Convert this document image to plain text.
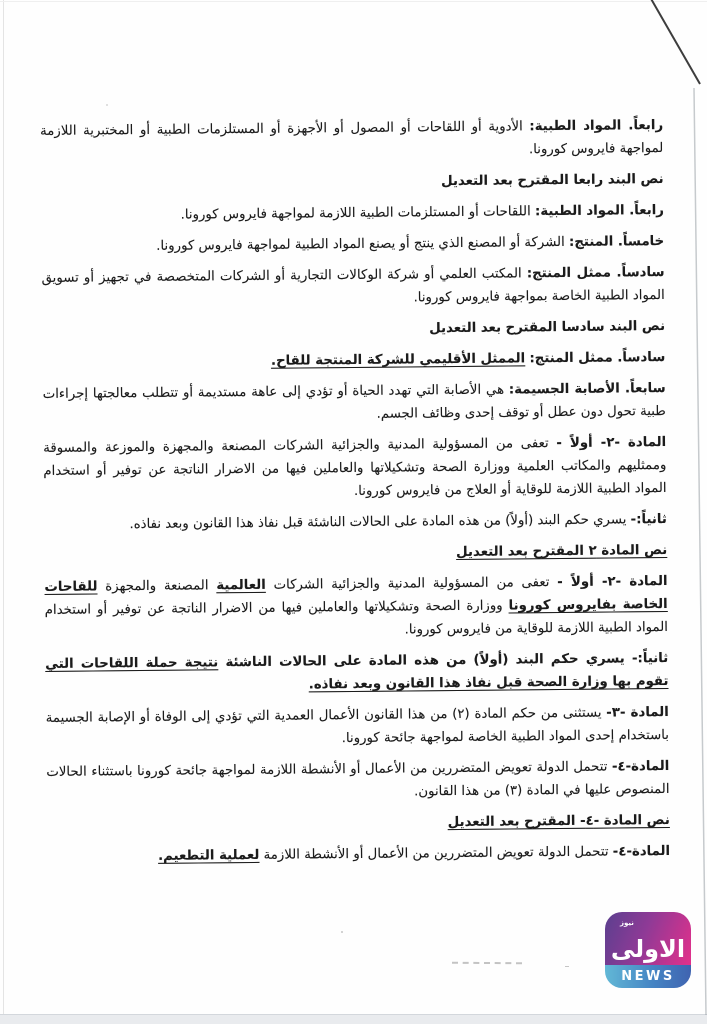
رابعاً. المواد الطبية: الأدوية أو اللقاحات أو المصول أو الأجهزة أو المستلزمات الطبية أو المختبرية اللازمة لمواجهة فايروس كورونا.

نص البند رابعا المقترح بعد التعديل

رابعاً. المواد الطبية: اللقاحات أو المستلزمات الطبية اللازمة لمواجهة فايروس كورونا.

خامساً. المنتج: الشركة أو المصنع الذي ينتج أو يصنع المواد الطبية لمواجهة فايروس كورونا.

سادساً. ممثل المنتج: المكتب العلمي أو شركة الوكالات التجارية أو الشركات المتخصصة في تجهيز أو تسويق المواد الطبية الخاصة بمواجهة فايروس كورونا.

نص البند سادسا المقترح بعد التعديل

سادساً. ممثل المنتج: الممثل الأقليمي للشركة المنتجة للقاح.

سابعاً. الأصابة الجسيمة: هي الأصابة التي تهدد الحياة أو تؤدي إلى عاهة مستديمة أو تتطلب معالجتها إجراءات طبية تحول دون عطل أو توقف إحدى وظائف الجسم.

المادة -٢- أولاً - تعفى من المسؤولية المدنية والجزائية الشركات المصنعة والمجهزة والموزعة والمسوقة وممثليهم والمكاتب العلمية ووزارة الصحة وتشكيلاتها والعاملين فيها من الاضرار الناتجة عن توفير أو استخدام المواد الطبية اللازمة للوقاية أو العلاج من فايروس كورونا.

ثانياً:- يسري حكم البند (أولاً) من هذه المادة على الحالات الناشئة قبل نفاذ هذا القانون وبعد نفاذه.

نص المادة ٢ المقترح بعد التعديل

المادة -٢- أولاً - تعفى من المسؤولية المدنية والجزائية الشركات العالمية المصنعة والمجهزة للقاحات الخاصة بفايروس كورونا ووزارة الصحة وتشكيلاتها والعاملين فيها من الاضرار الناتجة عن توفير أو استخدام المواد الطبية اللازمة للوقاية من فايروس كورونا.

ثانياً:- يسري حكم البند (أولاً) من هذه المادة على الحالات الناشئة نتيجة حملة اللقاحات التي تقوم بها وزارة الصحة قبل نفاذ هذا القانون وبعد نفاذه.

المادة -٣- يستثنى من حكم المادة (٢) من هذا القانون الأعمال العمدية التي تؤدي إلى الوفاة أو الإصابة الجسيمة باستخدام إحدى المواد الطبية الخاصة لمواجهة جائحة كورونا.

المادة-٤- تتحمل الدولة تعويض المتضررين من الأعمال أو الأنشطة اللازمة لمواجهة جائحة كورونا باستثناء الحالات المنصوص عليها في المادة (٣) من هذا القانون.

نص المادة -٤- المقترح بعد التعديل

المادة-٤- تتحمل الدولة تعويض المتضررين من الأعمال أو الأنشطة اللازمة لعملية التطعيم.

نيوز
الاولى
NEWS
